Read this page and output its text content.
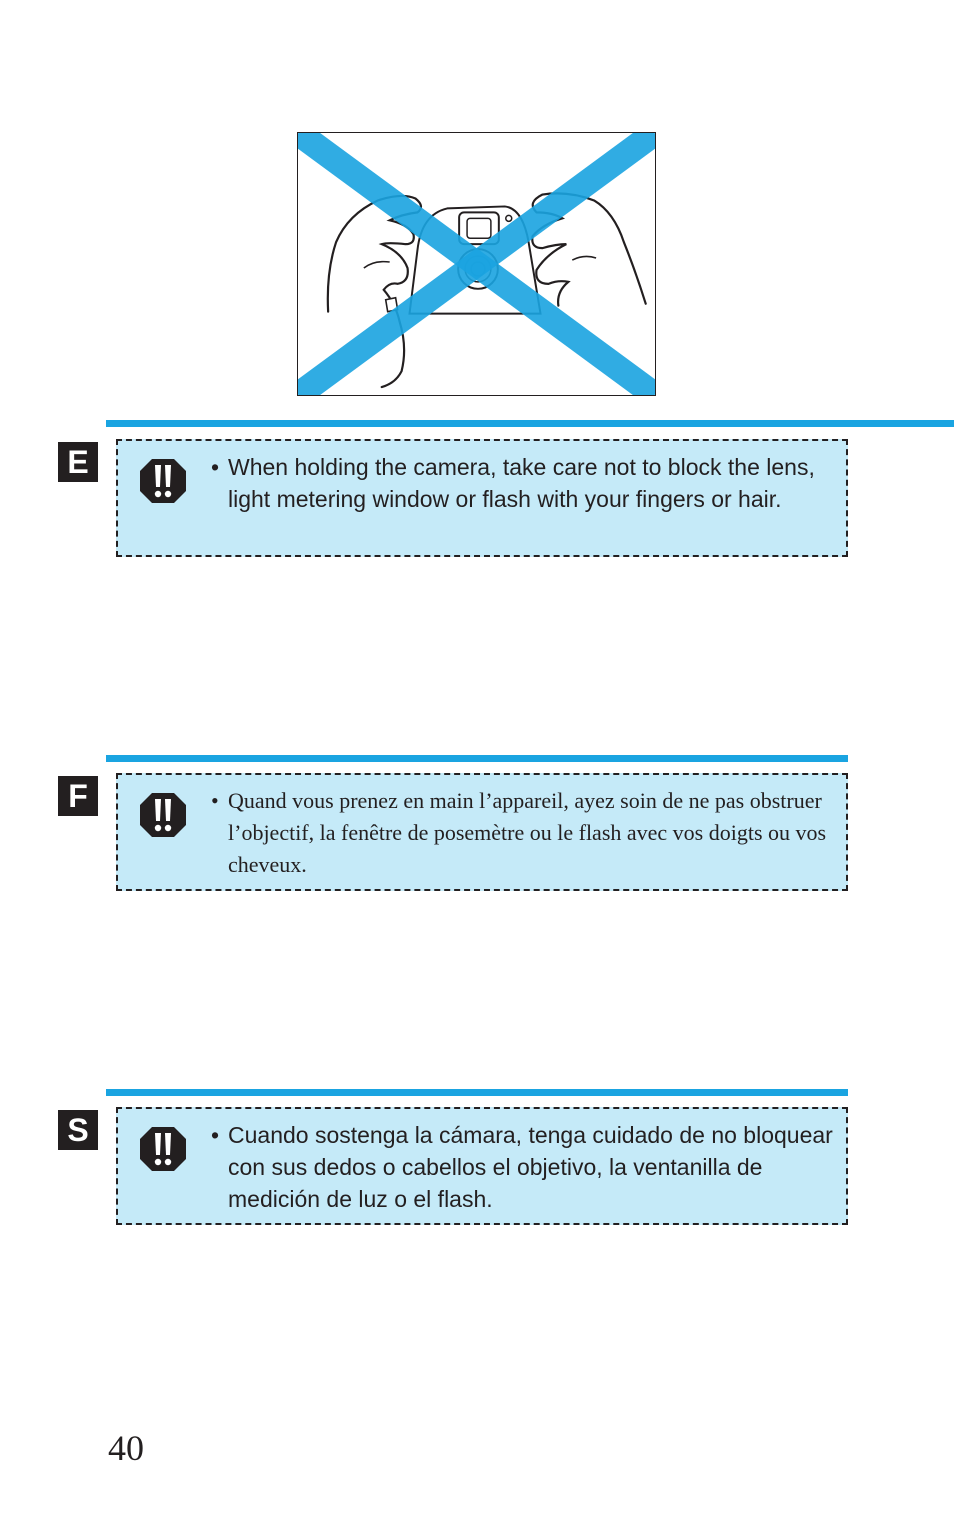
E	• When holding the camera, take care not to block the lens, light metering window or flash with your fingers or hair.
F	• Quand vous prenez en main l’appareil, ayez soin de ne pas obstruer l’objectif, la fenêtre de posemètre ou le flash avec vos doigts ou vos cheveux.
S	• Cuando sostenga la cámara, tenga cuidado de no bloquear con sus dedos o cabellos el objetivo, la ventanilla de medición de luz o el flash.
40
